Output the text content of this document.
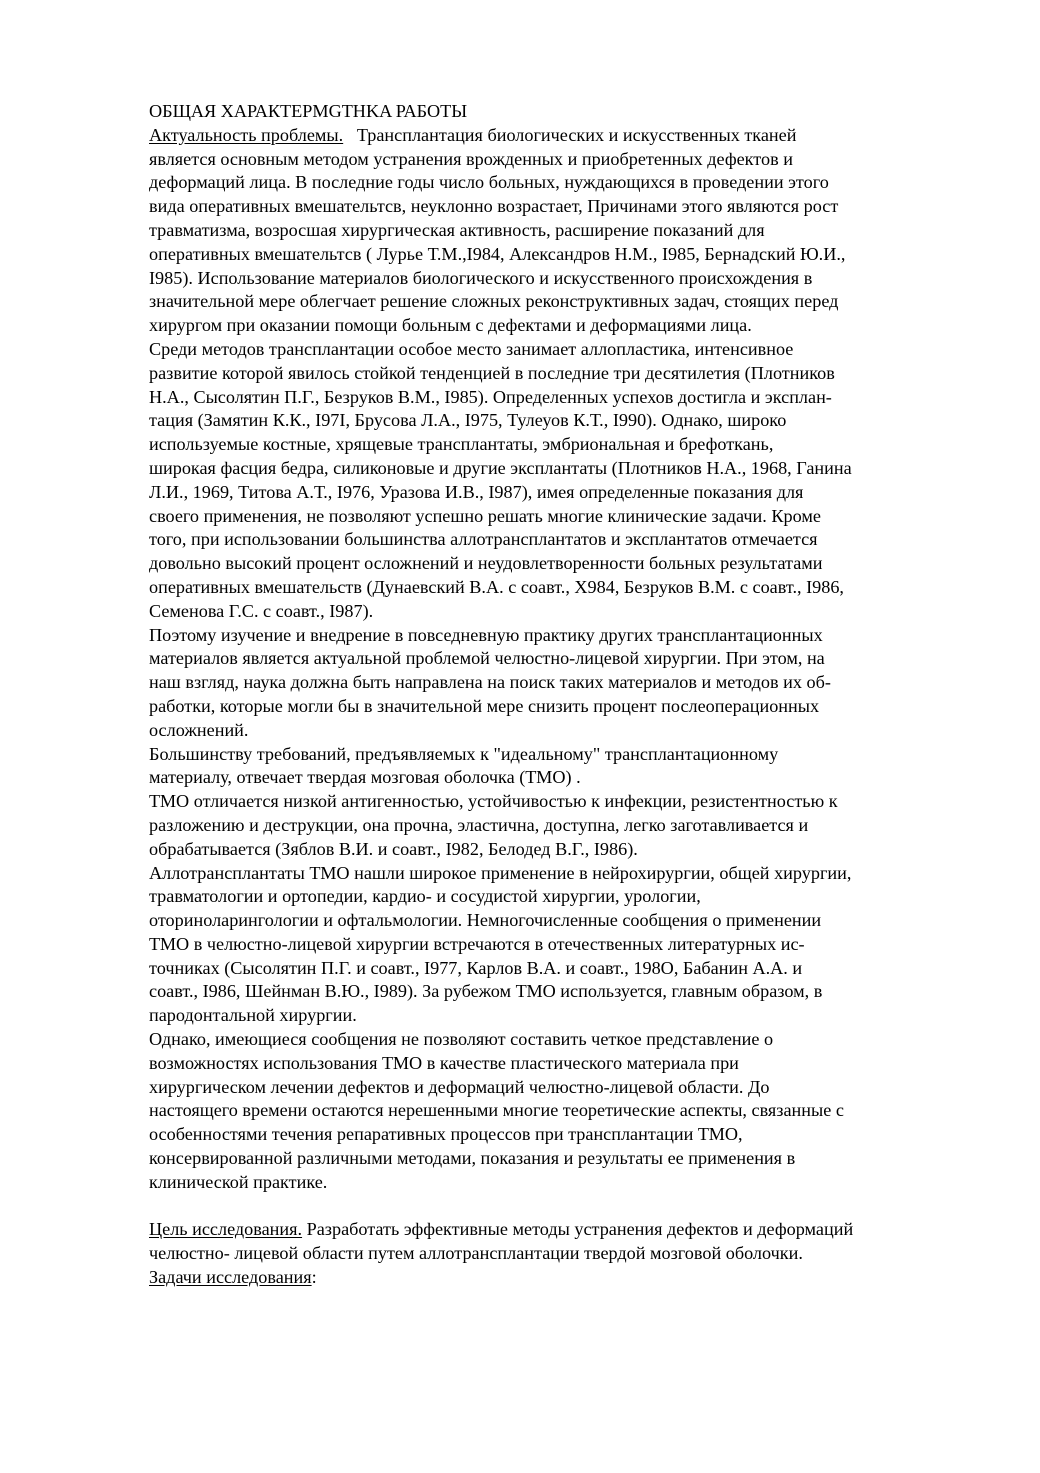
ОБЩАЯ ХАРАКТЕРMGTHKA РАБОТЫ
Актуальность проблемы. Трансплантация биологических и искусственных тканей
является основным методом устранения врожденных и приобретенных дефектов и
деформаций лица. В последние годы число больных, нуждающихся в проведении этого
вида оперативных вмешательтсв, неуклонно возрастает, Причинами этого являются рост
травматизма, возросшая хирургическая активность, расширение показаний для
оперативных вмешательтсв ( Лурье Т.М.,I984, Александров Н.М., I985, Бернадский Ю.И.,
I985). Использование материалов биологического и искусственного происхождения в
значительной мере облегчает решение сложных реконструктивных задач, стоящих перед
хирургом при оказании помощи больным с дефектами и деформациями лица.
Среди методов трансплантации особое место занимает аллопластика, интенсивное
развитие которой явилось стойкой тенденцией в последние три десятилетия (Плотников
Н.А., Сысолятин П.Г., Безруков В.М., I985). Определенных успехов достигла и эксплан-
тация (Замятин К.К., I97I, Брусова Л.А., I975, Тулеуов К.Т., I990). Однако, широко
используемые костные, хрящевые трансплантаты, эмбриональная и брефоткань,
широкая фасция бедра, силиконовые и другие эксплантаты (Плотников Н.А., 1968, Ганина
Л.И., 1969, Титова А.Т., I976, Уразова И.В., I987), имея определенные показания для
своего применения, не позволяют успешно решать многие клинические задачи. Кроме
того, при использовании большинства аллотрансплантатов и эксплантатов отмечается
довольно высокий процент осложнений и неудовлетворенности больных результатами
оперативных вмешательств (Дунаевский В.А. с соавт., X984, Безруков В.М. с соавт., I986,
Семенова Г.С. с соавт., I987).
Поэтому изучение и внедрение в повседневную практику других трансплантационных
материалов является актуальной проблемой челюстно-лицевой хирургии. При этом, на
наш взгляд, наука должна быть направлена на поиск таких материалов и методов их об-
работки, которые могли бы в значительной мере снизить процент послеоперационных
осложнений.
Большинству требований, предъявляемых к "идеальному" трансплантационному
материалу, отвечает твердая мозговая оболочка (ТМО) .
ТМО отличается низкой антигенностью, устойчивостью к инфекции, резистентностью к
разложению и деструкции, она прочна, эластична, доступна, легко заготавливается и
обрабатывается (Зяблов В.И. и соавт., I982, Белодед В.Г., I986).
Аллотрансплантаты ТМО нашли широкое применение в нейрохирургии, общей хирургии,
травматологии и ортопедии, кардио- и сосудистой хирургии, урологии,
оториноларингологии и офтальмологии. Немногочисленные сообщения о применении
ТМО в челюстно-лицевой хирургии встречаются в отечественных литературных ис-
точниках (Сысолятин П.Г. и соавт., I977, Карлов В.А. и соавт., 198О, Бабанин А.А. и
соавт., I986, Шейнман В.Ю., I989). За рубежом ТМО используется, главным образом, в
пародонтальной хирургии.
Однако, имеющиеся сообщения не позволяют составить четкое представление о
возможностях использования ТМО в качестве пластического материала при
хирургическом лечении дефектов и деформаций челюстно-лицевой области. До
настоящего времени остаются нерешенными многие теоретические аспекты, связанные с
особенностями течения репаративных процессов при трансплантации ТМО,
консервированной различными методами, показания и результаты ее применения в
клинической практике.
Цель исследования. Разработать эффективные методы устранения дефектов и деформаций
челюстно- лицевой области путем аллотрансплантации твердой мозговой оболочки.
Задачи исследования:
